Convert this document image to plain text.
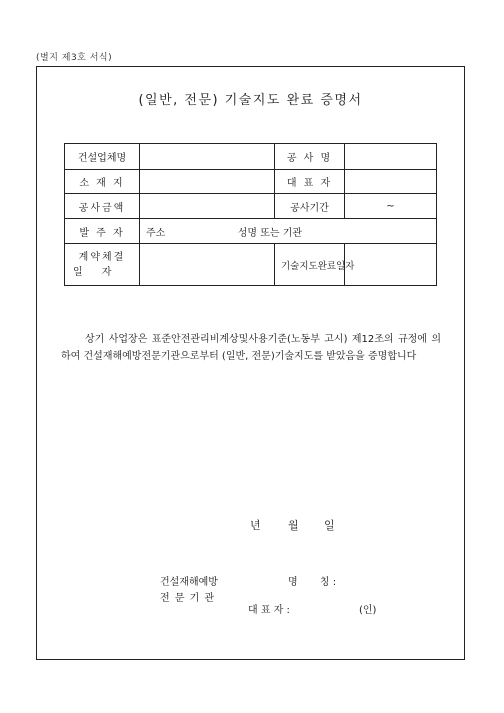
(별지 제3호 서식)
(일반, 전문) 기술지도 완료 증명서
건설업체명		공 사 명	
소 재 지		대 표 자	
공사금액		공사기간	~
발 주 자	주소 성명 또는 기관		

계약체결
일      자		기술지도완료일자	
상기 사업장은 표준안전관리비계상및사용기준(노동부 고시) 제12조의 규정에 의하여 건설재해예방전문기관으로부터 (일반, 전문)기술지도를 받았음을 증명합니다
년 월 일
건설재해예방
전 문 기 관
명       칭 :
대 표 자 :	(인)
